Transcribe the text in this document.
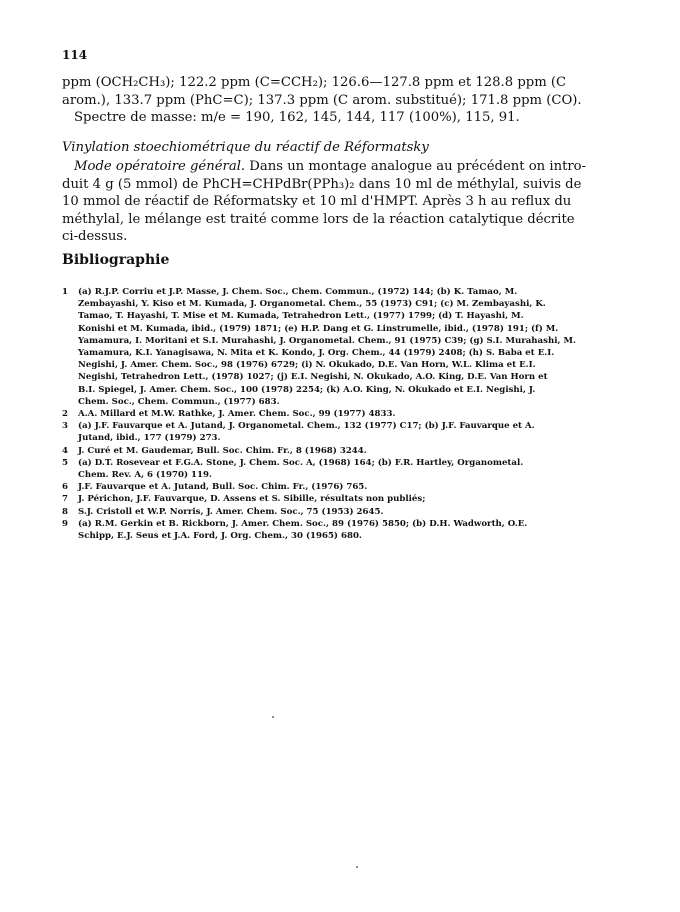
114
ppm (OCH₂CH₃); 122.2 ppm (C=CCH₂); 126.6—127.8 ppm et 128.8 ppm (C
arom.), 133.7 ppm (PhC=C); 137.3 ppm (C arom. substitué); 171.8 ppm (CO).
Spectre de masse: m/e = 190, 162, 145, 144, 117 (100%), 115, 91.
Vinylation stoechiométrique du réactif de Réformatsky
Mode opératoire général. Dans un montage analogue au précédent on intro-
duit 4 g (5 mmol) de PhCH=CHPdBr(PPh₃)₂ dans 10 ml de méthylal, suivis de
10 mmol de réactif de Réformatsky et 10 ml d'HMPT. Après 3 h au reflux du
méthylal, le mélange est traité comme lors de la réaction catalytique décrite
ci-dessus.
Bibliographie
1	(a) R.J.P. Corriu et J.P. Masse, J. Chem. Soc., Chem. Commun., (1972) 144; (b) K. Tamao, M.
Zembayashi, Y. Kiso et M. Kumada, J. Organometal. Chem., 55 (1973) C91; (c) M. Zembayashi, K.
Tamao, T. Hayashi, T. Mise et M. Kumada, Tetrahedron Lett., (1977) 1799; (d) T. Hayashi, M.
Konishi et M. Kumada, ibid., (1979) 1871; (e) H.P. Dang et G. Linstrumelle, ibid., (1978) 191; (f) M.
Yamamura, I. Moritani et S.I. Murahashi, J. Organometal. Chem., 91 (1975) C39; (g) S.I. Murahashi, M.
Yamamura, K.I. Yanagisawa, N. Mita et K. Kondo, J. Org. Chem., 44 (1979) 2408; (h) S. Baba et E.I.
Negishi, J. Amer. Chem. Soc., 98 (1976) 6729; (i) N. Okukado, D.E. Van Horn, W.L. Klima et E.I.
Negishi, Tetrahedron Lett., (1978) 1027; (j) E.I. Negishi, N. Okukado, A.O. King, D.E. Van Horn et
B.I. Spiegel, J. Amer. Chem. Soc., 100 (1978) 2254; (k) A.O. King, N. Okukado et E.I. Negishi, J.
Chem. Soc., Chem. Commun., (1977) 683.
2	A.A. Millard et M.W. Rathke, J. Amer. Chem. Soc., 99 (1977) 4833.
3	(a) J.F. Fauvarque et A. Jutand, J. Organometal. Chem., 132 (1977) C17; (b) J.F. Fauvarque et A.
Jutand, ibid., 177 (1979) 273.
4	J. Curé et M. Gaudemar, Bull. Soc. Chim. Fr., 8 (1968) 3244.
5	(a) D.T. Rosevear et F.G.A. Stone, J. Chem. Soc. A, (1968) 164; (b) F.R. Hartley, Organometal.
Chem. Rev. A, 6 (1970) 119.
6	J.F. Fauvarque et A. Jutand, Bull. Soc. Chim. Fr., (1976) 765.
7	J. Périchon, J.F. Fauvarque, D. Assens et S. Sibille, résultats non publiés;
8	S.J. Cristoll et W.P. Norris, J. Amer. Chem. Soc., 75 (1953) 2645.
9	(a) R.M. Gerkin et B. Rickborn, J. Amer. Chem. Soc., 89 (1976) 5850; (b) D.H. Wadworth, O.E.
Schipp, E.J. Seus et J.A. Ford, J. Org. Chem., 30 (1965) 680.
